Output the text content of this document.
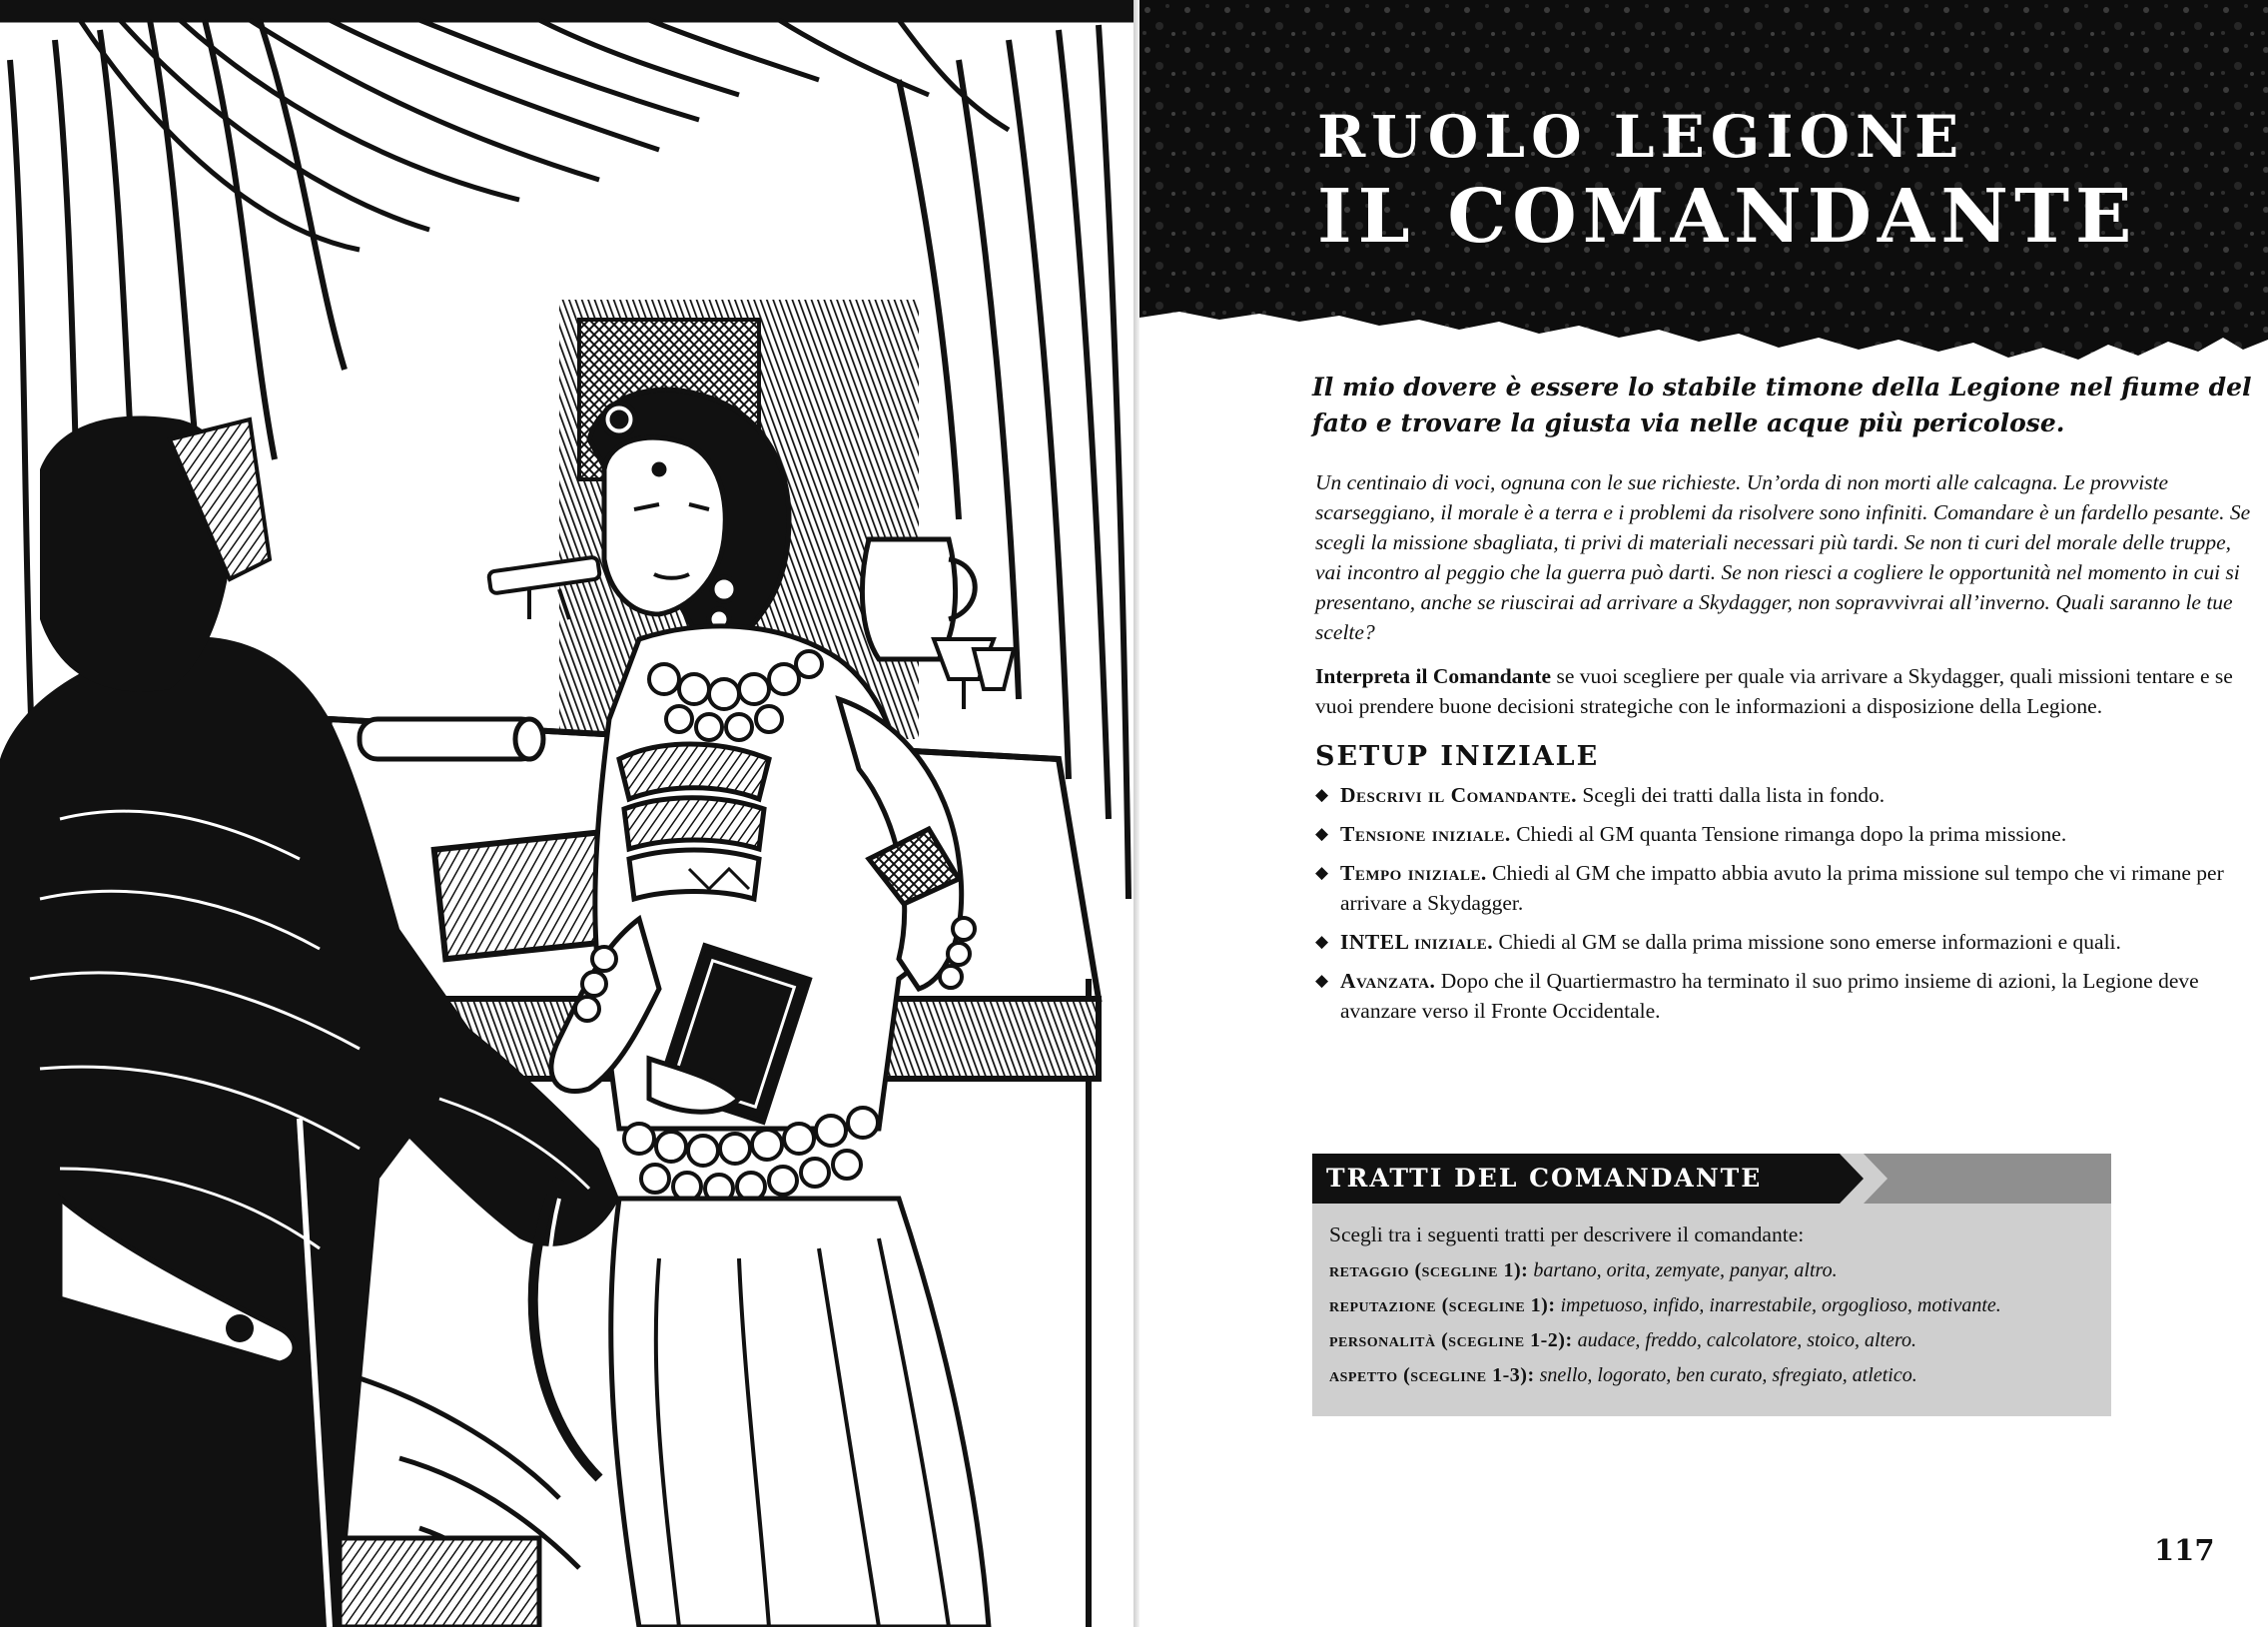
RUOLO LEGIONE
IL COMANDANTE

Il mio dovere è essere lo stabile timone della Legione nel fiume del fato e trovare la giusta via nelle acque più pericolose.

Un centinaio di voci, ognuna con le sue richieste. Un’orda di non morti alle calcagna. Le provviste scarseggiano, il morale è a terra e i problemi da risolvere sono infiniti. Comandare è un fardello pesante. Se scegli la missione sbagliata, ti privi di materiali necessari più tardi. Se non ti curi del morale delle truppe, vai incontro al peggio che la guerra può darti. Se non riesci a cogliere le opportunità nel momento in cui si presentano, anche se riuscirai ad arrivare a Skydagger, non sopravvivrai all’inverno. Quali saranno le tue scelte?

Interpreta il Comandante se vuoi scegliere per quale via arrivare a Skydagger, quali missioni tentare e se vuoi prendere buone decisioni strategiche con le informazioni a disposizione della Legione.

SETUP INIZIALE
◆ Descrivi il Comandante. Scegli dei tratti dalla lista in fondo.
◆ Tensione iniziale. Chiedi al GM quanta Tensione rimanga dopo la prima missione.
◆ Tempo iniziale. Chiedi al GM che impatto abbia avuto la prima missione sul tempo che vi rimane per arrivare a Skydagger.
◆ INTEL iniziale. Chiedi al GM se dalla prima missione sono emerse informazioni e quali.
◆ Avanzata. Dopo che il Quartiermastro ha terminato il suo primo insieme di azioni, la Legione deve avanzare verso il Fronte Occidentale.
TRATTI DEL COMANDANTE

Scegli tra i seguenti tratti per descrivere il comandante:

retaggio (scegline 1): bartano, orita, zemyate, panyar, altro.

reputazione (scegline 1): impetuoso, infido, inarrestabile, orgoglioso, motivante.

personalità (scegline 1-2): audace, freddo, calcolatore, stoico, altero.

aspetto (scegline 1-3): snello, logorato, ben curato, sfregiato, atletico.

117
